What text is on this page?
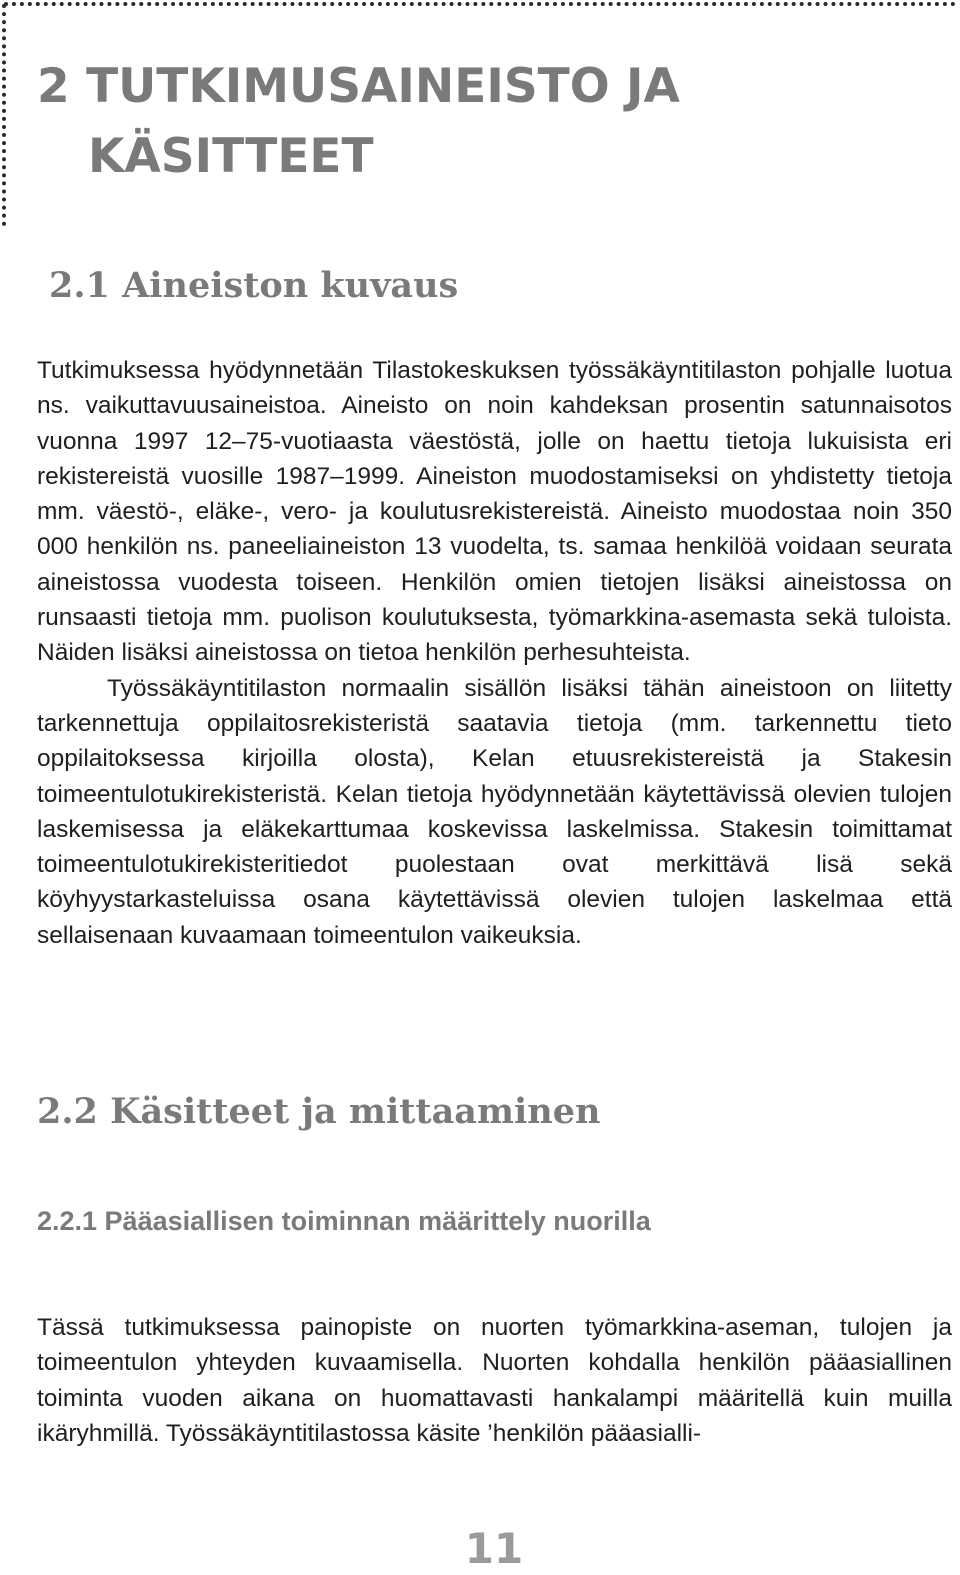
2 TUTKIMUSAINEISTO JA
KÄSITTEET
2.1 Aineiston kuvaus
Tutkimuksessa hyödynnetään Tilastokeskuksen työssäkäyntitilaston pohjalle luotua ns. vaikuttavuusaineistoa. Aineisto on noin kahdeksan prosentin satunnaisotos vuonna 1997 12–75-vuotiaasta väestöstä, jolle on haettu tietoja lukuisista eri rekistereistä vuosille 1987–1999. Aineiston muodostamiseksi on yhdistetty tietoja mm. väestö-, eläke-, vero- ja koulutusrekistereistä. Aineisto muodostaa noin 350 000 henkilön ns. paneeliaineiston 13 vuodelta, ts. samaa henkilöä voidaan seurata aineistossa vuodesta toiseen. Henkilön omien tietojen lisäksi aineistossa on runsaasti tietoja mm. puolison koulutuksesta, työmarkkina-asemasta sekä tuloista. Näiden lisäksi aineistossa on tietoa henkilön perhesuhteista.
Työssäkäyntitilaston normaalin sisällön lisäksi tähän aineistoon on liitetty tarkennettuja oppilaitosrekisteristä saatavia tietoja (mm. tarkennettu tieto oppilaitoksessa kirjoilla olosta), Kelan etuusrekistereistä ja Stakesin toimeentulotukirekisteristä. Kelan tietoja hyödynnetään käytettävissä olevien tulojen laskemisessa ja eläkekarttumaa koskevissa laskelmissa. Stakesin toimittamat toimeentulotukirekisteritiedot puolestaan ovat merkittävä lisä sekä köyhyystarkasteluissa osana käytettävissä olevien tulojen laskelmaa että sellaisenaan kuvaamaan toimeentulon vaikeuksia.
2.2 Käsitteet ja mittaaminen
2.2.1 Pääasiallisen toiminnan määrittely nuorilla
Tässä tutkimuksessa painopiste on nuorten työmarkkina-aseman, tulojen ja toimeentulon yhteyden kuvaamisella. Nuorten kohdalla henkilön pääasiallinen toiminta vuoden aikana on huomattavasti hankalampi määritellä kuin muilla ikäryhmillä. Työssäkäyntitilastossa käsite ’henkilön pääasialli-
11
